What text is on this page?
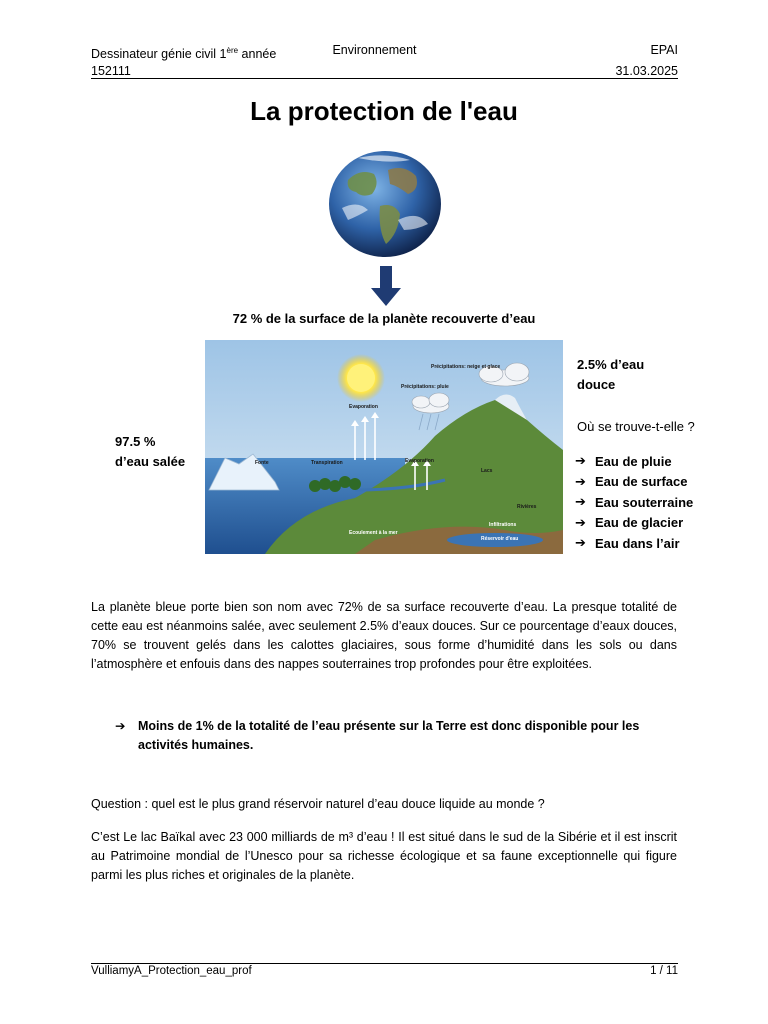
Dessinateur génie civil 1ère année	Environnement	EPAI
152111	31.03.2025
La protection de l'eau
72 % de la surface de la planète recouverte d’eau
Précipitations: neige et glace
Précipitations: pluie
Evaporation
Evaporation
Fonte	Transpiration
Lacs
Rivières
Infiltrations
Réservoir d'eau
Ecoulement à la mer
97.5 %
d’eau salée
2.5% d’eau
douce
Où se trouve-t-elle ?
➔ Eau de pluie
➔ Eau de surface
➔ Eau souterraine
➔ Eau de glacier
➔ Eau dans l’air
La planète bleue porte bien son nom avec 72% de sa surface recouverte d’eau. La presque totalité de cette eau est néanmoins salée, avec seulement 2.5% d’eaux douces. Sur ce pourcentage d’eaux douces, 70% se trouvent gelés dans les calottes glaciaires, sous forme d’humidité dans les sols ou dans l’atmosphère et enfouis dans des nappes souterraines trop profondes pour être exploitées.
➔	Moins de 1% de la totalité de l’eau présente sur la Terre est donc disponible pour les activités humaines.
Question : quel est le plus grand réservoir naturel d’eau douce liquide au monde ?
C’est Le lac Baïkal avec 23 000 milliards de m³ d’eau ! Il est situé dans le sud de la Sibérie et il est inscrit au Patrimoine mondial de l’Unesco pour sa richesse écologique et sa faune exceptionnelle qui figure parmi les plus riches et originales de la planète.
VulliamyA_Protection_eau_prof	1 / 11
